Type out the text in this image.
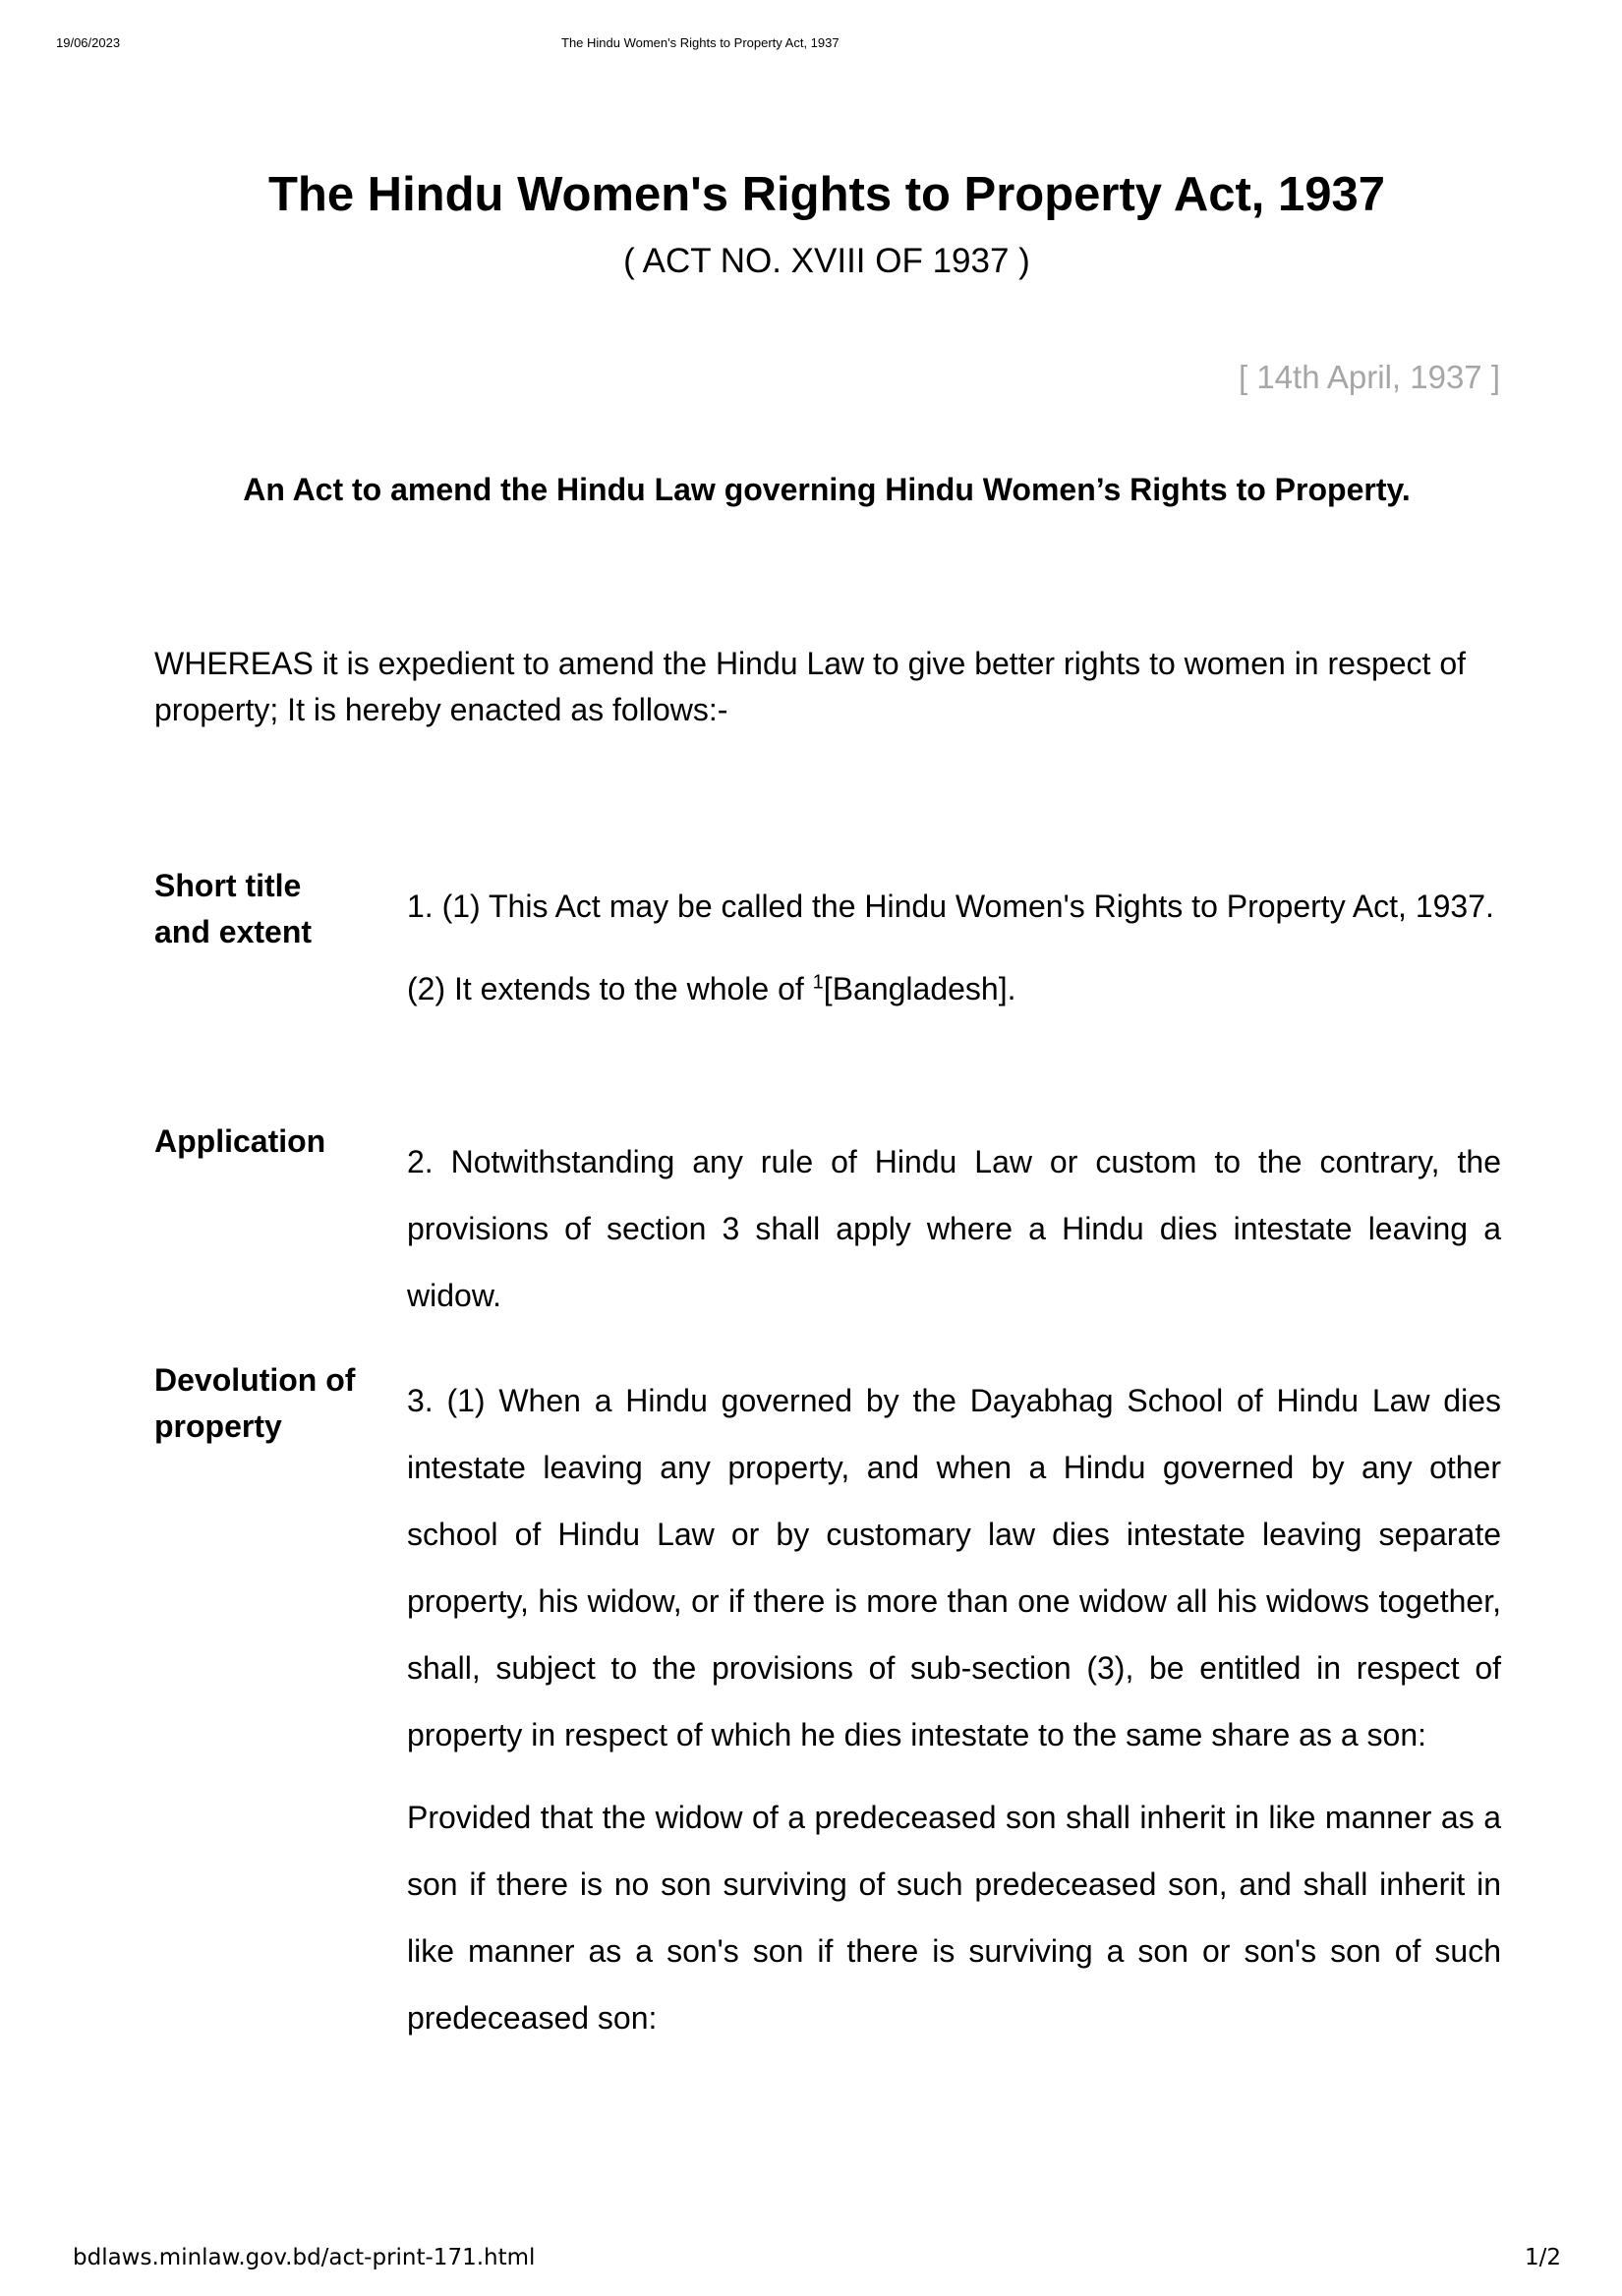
19/06/2023	The Hindu Women's Rights to Property Act, 1937
The Hindu Women's Rights to Property Act, 1937
( ACT NO. XVIII OF 1937 )
[ 14th April, 1937 ]
An Act to amend the Hindu Law governing Hindu Women’s Rights to Property.
WHEREAS it is expedient to amend the Hindu Law to give better rights to women in respect of property; It is hereby enacted as follows:-
Short title and extent

1. (1) This Act may be called the Hindu Women's Rights to Property Act, 1937.

(2) It extends to the whole of $^1$[Bangladesh].

Application

2. Notwithstanding any rule of Hindu Law or custom to the contrary, the provisions of section 3 shall apply where a Hindu dies intestate leaving a widow.

Devolution of property

3. (1) When a Hindu governed by the Dayabhag School of Hindu Law dies intestate leaving any property, and when a Hindu governed by any other school of Hindu Law or by customary law dies intestate leaving separate property, his widow, or if there is more than one widow all his widows together, shall, subject to the provisions of sub-section (3), be entitled in respect of property in respect of which he dies intestate to the same share as a son:

Provided that the widow of a predeceased son shall inherit in like manner as a son if there is no son surviving of such predeceased son, and shall inherit in like manner as a son's son if there is surviving a son or son's son of such predeceased son:

bdlaws.minlaw.gov.bd/act-print-171.html	1/2
